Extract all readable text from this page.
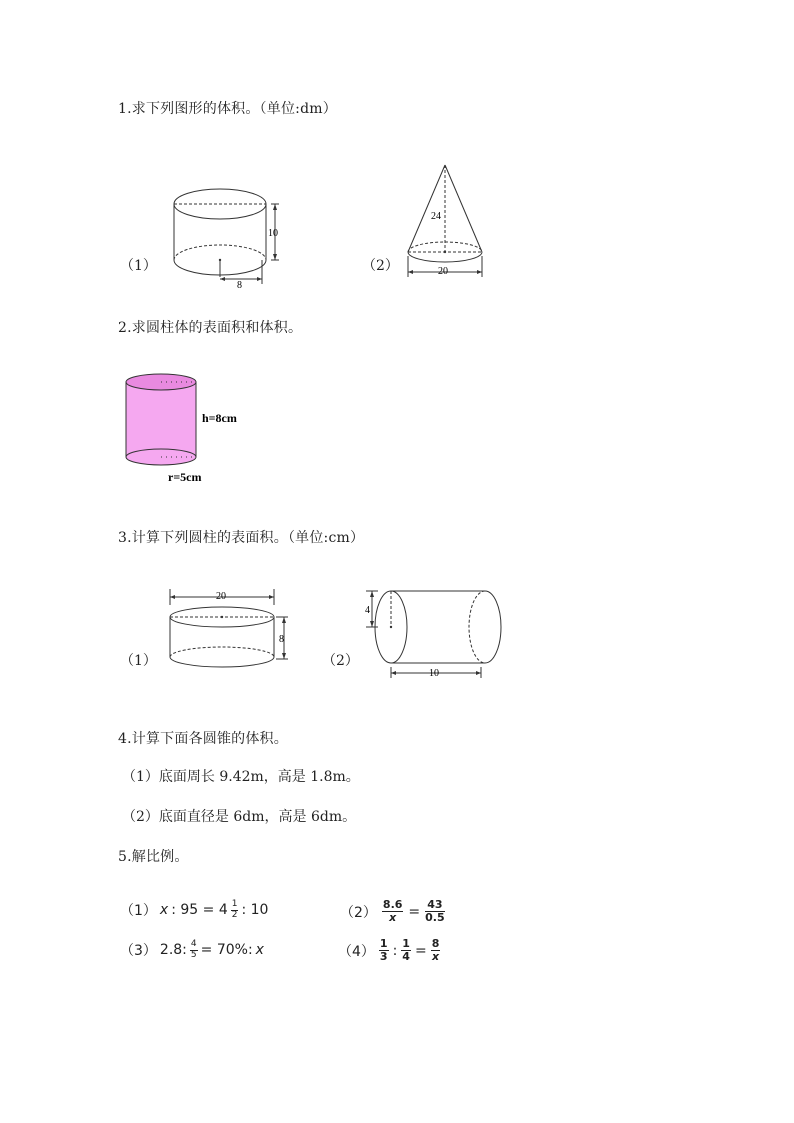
1.求下列图形的体积。（单位:dm）
（1）
10
8
（2）
24
20
2.求圆柱体的表面积和体积。
h=8cm
r=5cm
3.计算下列圆柱的表面积。（单位:cm）
（1）
20
8
（2）
4
10
4.计算下面各圆锥的体积。
（1）底面周长 9.42m，高是 1.8m。
（2）底面直径是 6dm，高是 6dm。
5.解比例。
（1） x : $95 = 4 \frac{1}{2}$ : 10	$(2) \frac{8.6}{x} = \frac{43}{0.5}$
（3） 2.8: $\frac{4}{5} = 70\%$: x	$(4) \frac{1}{3}$ : $\frac{1}{4} = \frac{8}{x}$
